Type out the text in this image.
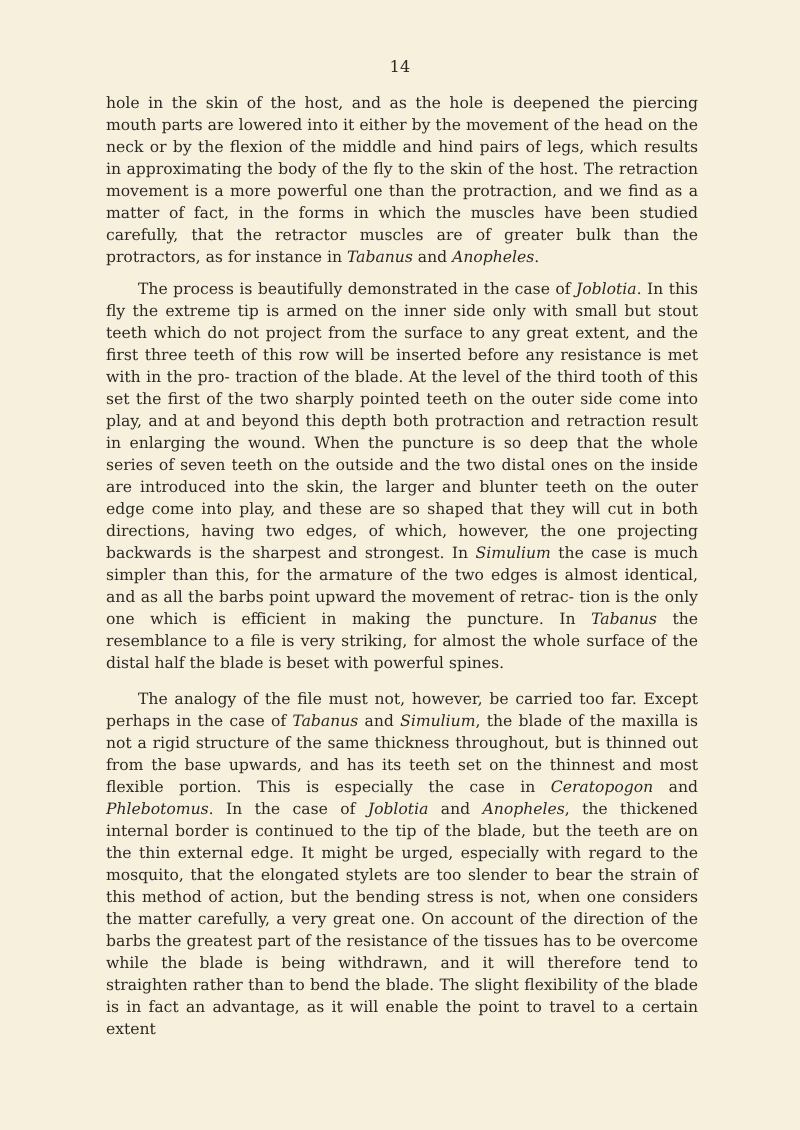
14

hole in the skin of the host, and as the hole is deepened the piercing mouth parts are lowered into it either by the movement of the head on the neck or by the flexion of the middle and hind pairs of legs, which results in approximating the body of the fly to the skin of the host. The retraction movement is a more powerful one than the protraction, and we find as a matter of fact, in the forms in which the muscles have been studied carefully, that the retractor muscles are of greater bulk than the protractors, as for instance in Tabanus and Anopheles.

The process is beautifully demonstrated in the case of Joblotia. In this fly the extreme tip is armed on the inner side only with small but stout teeth which do not project from the surface to any great extent, and the first three teeth of this row will be inserted before any resistance is met with in the pro- traction of the blade. At the level of the third tooth of this set the first of the two sharply pointed teeth on the outer side come into play, and at and beyond this depth both protraction and retraction result in enlarging the wound. When the puncture is so deep that the whole series of seven teeth on the outside and the two distal ones on the inside are introduced into the skin, the larger and blunter teeth on the outer edge come into play, and these are so shaped that they will cut in both directions, having two edges, of which, however, the one projecting backwards is the sharpest and strongest. In Simulium the case is much simpler than this, for the armature of the two edges is almost identical, and as all the barbs point upward the movement of retrac- tion is the only one which is efficient in making the puncture. In Tabanus the resemblance to a file is very striking, for almost the whole surface of the distal half the blade is beset with powerful spines.

The analogy of the file must not, however, be carried too far. Except perhaps in the case of Tabanus and Simulium, the blade of the maxilla is not a rigid structure of the same thickness throughout, but is thinned out from the base upwards, and has its teeth set on the thinnest and most flexible portion. This is especially the case in Ceratopogon and Phlebotomus. In the case of Joblotia and Anopheles, the thickened internal border is continued to the tip of the blade, but the teeth are on the thin external edge. It might be urged, especially with regard to the mosquito, that the elongated stylets are too slender to bear the strain of this method of action, but the bending stress is not, when one considers the matter carefully, a very great one. On account of the direction of the barbs the greatest part of the resistance of the tissues has to be overcome while the blade is being withdrawn, and it will therefore tend to straighten rather than to bend the blade. The slight flexibility of the blade is in fact an advantage, as it will enable the point to travel to a certain extent
